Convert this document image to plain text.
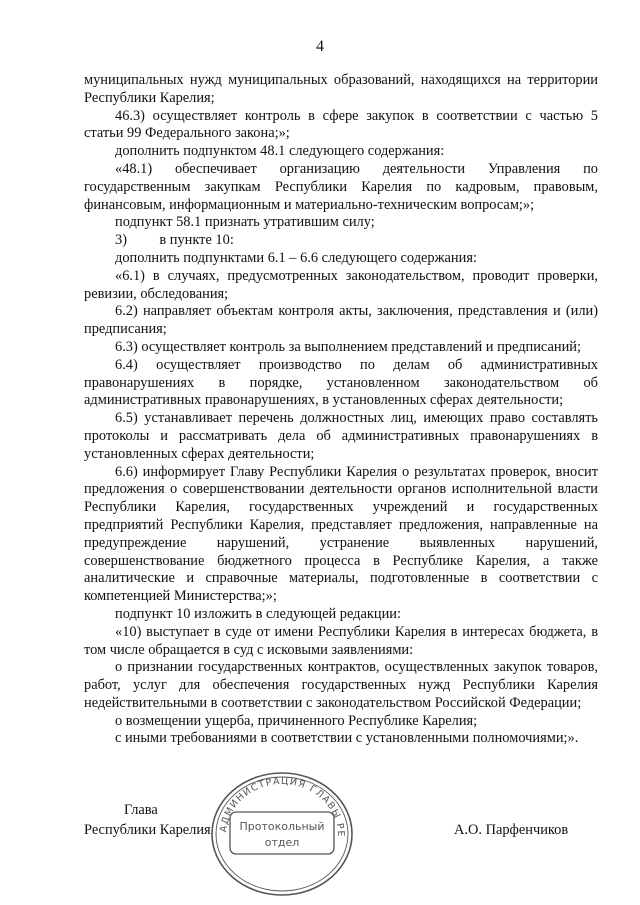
4

муниципальных нужд муниципальных образований, находящихся на территории Республики Карелия;

46.3) осуществляет контроль в сфере закупок в соответствии с частью 5 статьи 99 Федерального закона;»;

дополнить подпунктом 48.1 следующего содержания:

«48.1) обеспечивает организацию деятельности Управления по государственным закупкам Республики Карелия по кадровым, правовым, финансовым, информационным и материально-техническим вопросам;»;

подпункт 58.1 признать утратившим силу;

3)         в пункте 10:

дополнить подпунктами 6.1 – 6.6 следующего содержания:

«6.1) в случаях, предусмотренных законодательством, проводит проверки, ревизии, обследования;

6.2) направляет объектам контроля акты, заключения, представления и (или) предписания;

6.3) осуществляет контроль за выполнением представлений и предписаний;

6.4) осуществляет производство по делам об административных правонарушениях в порядке, установленном законодательством об административных правонарушениях, в установленных сферах деятельности;

6.5) устанавливает перечень должностных лиц, имеющих право составлять протоколы и рассматривать дела об административных правонарушениях в установленных сферах деятельности;

6.6) информирует Главу Республики Карелия о результатах проверок, вносит предложения о совершенствовании деятельности органов исполнительной власти Республики Карелия, государственных учреждений и государственных предприятий Республики Карелия, представляет предложения, направленные на предупреждение нарушений, устранение выявленных нарушений, совершенствование бюджетного процесса в Республике Карелия, а также аналитические и справочные материалы, подготовленные в соответствии с компетенцией Министерства;»;

подпункт 10 изложить в следующей редакции:

«10) выступает в суде от имени Республики Карелия в интересах бюджета, в том числе обращается в суд с исковыми заявлениями:

о признании государственных контрактов, осуществленных закупок товаров, работ, услуг для обеспечения государственных нужд Республики Карелия недействительными в соответствии с законодательством Российской Федерации;

о возмещении ущерба, причиненного Республике Карелия;

с иными требованиями в соответствии с установленными полномочиями;».

Глава
Республики Карелия	А.О. Парфенчиков
АДМИНИСТРАЦИЯ ГЛАВЫ РЕ
Протокольный
отдел
